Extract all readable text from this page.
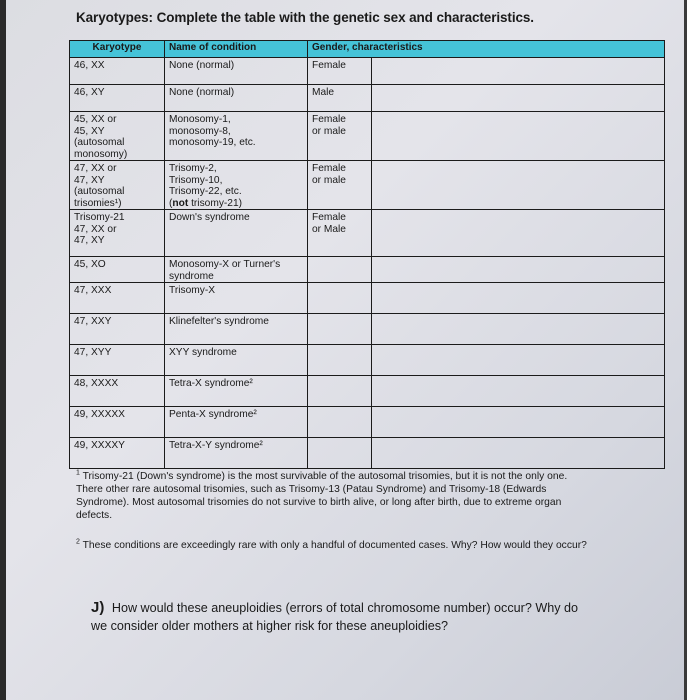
Karyotypes: Complete the table with the genetic sex and characteristics.
Karyotype	Name of condition	Gender, characteristics	
46, XX	None (normal)	Female	
46, XY	None (normal)	Male	
45, XX or
45, XY
(autosomal
monosomy)	Monosomy-1,
monosomy-8,
monosomy-19, etc.	Female
or male	
47, XX or
47, XY
(autosomal
trisomies¹)	Trisomy-2,
Trisomy-10,
Trisomy-22, etc.
(not trisomy-21)	Female
or male	
Trisomy-21
47, XX or
47, XY	Down's syndrome	Female
or Male	
45, XO	Monosomy-X or Turner's
syndrome		
47, XXX	Trisomy-X		
47, XXY	Klinefelter's syndrome		
47, XYY	XYY syndrome		
48, XXXX	Tetra-X syndrome²		
49, XXXXX	Penta-X syndrome²		
49, XXXXY	Tetra-X-Y syndrome²		
$^1$ Trisomy-21 (Down's syndrome) is the most survivable of the autosomal trisomies, but it is not the only one. There other rare autosomal trisomies, such as Trisomy-13 (Patau Syndrome) and Trisomy-18 (Edwards Syndrome). Most autosomal trisomies do not survive to birth alive, or long after birth, due to extreme organ defects.
$^2$ These conditions are exceedingly rare with only a handful of documented cases. Why? How would they occur?
J) How would these aneuploidies (errors of total chromosome number) occur? Why do we consider older mothers at higher risk for these aneuploidies?
